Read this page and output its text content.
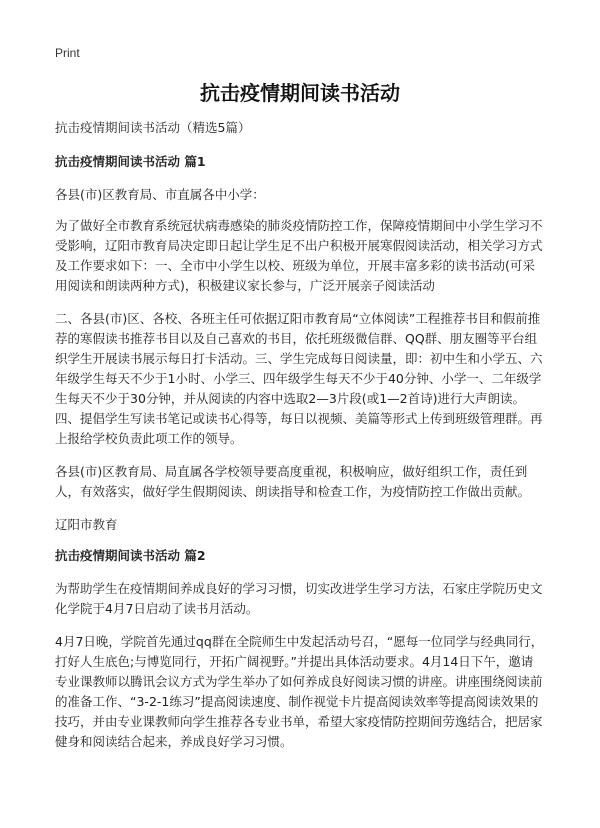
Print
抗击疫情期间读书活动

抗击疫情期间读书活动（精选5篇）

抗击疫情期间读书活动 篇1

各县(市)区教育局、市直属各中小学：

为了做好全市教育系统冠状病毒感染的肺炎疫情防控工作，保障疫情期间中小学生学习不受影响，辽阳市教育局决定即日起让学生足不出户积极开展寒假阅读活动，相关学习方式及工作要求如下：一、全市中小学生以校、班级为单位，开展丰富多彩的读书活动(可采用阅读和朗读两种方式)，积极建议家长参与，广泛开展亲子阅读活动

二、各县(市)区、各校、各班主任可依据辽阳市教育局“立体阅读”工程推荐书目和假前推荐的寒假读书推荐书目以及自己喜欢的书目，依托班级微信群、QQ群、朋友圈等平台组织学生开展读书展示每日打卡活动。三、学生完成每日阅读量，即：初中生和小学五、六年级学生每天不少于1小时、小学三、四年级学生每天不少于40分钟、小学一、二年级学生每天不少于30分钟，并从阅读的内容中选取2—3片段(或1—2首诗)进行大声朗读。四、提倡学生写读书笔记或读书心得等，每日以视频、美篇等形式上传到班级管理群。再上报给学校负责此项工作的领导。

各县(市)区教育局、局直属各学校领导要高度重视，积极响应，做好组织工作，责任到人，有效落实，做好学生假期阅读、朗读指导和检查工作，为疫情防控工作做出贡献。

辽阳市教育

抗击疫情期间读书活动 篇2

为帮助学生在疫情期间养成良好的学习习惯，切实改进学生学习方法，石家庄学院历史文化学院于4月7日启动了读书月活动。

4月7日晚，学院首先通过qq群在全院师生中发起活动号召，“愿每一位同学与经典同行，打好人生底色;与博览同行，开拓广阔视野。”并提出具体活动要求。4月14日下午，邀请专业课教师以腾讯会议方式为学生举办了如何养成良好阅读习惯的讲座。讲座围绕阅读前的准备工作、“3-2-1练习”提高阅读速度、制作视觉卡片提高阅读效率等提高阅读效果的技巧，并由专业课教师向学生推荐各专业书单，希望大家疫情防控期间劳逸结合，把居家健身和阅读结合起来，养成良好学习习惯。
